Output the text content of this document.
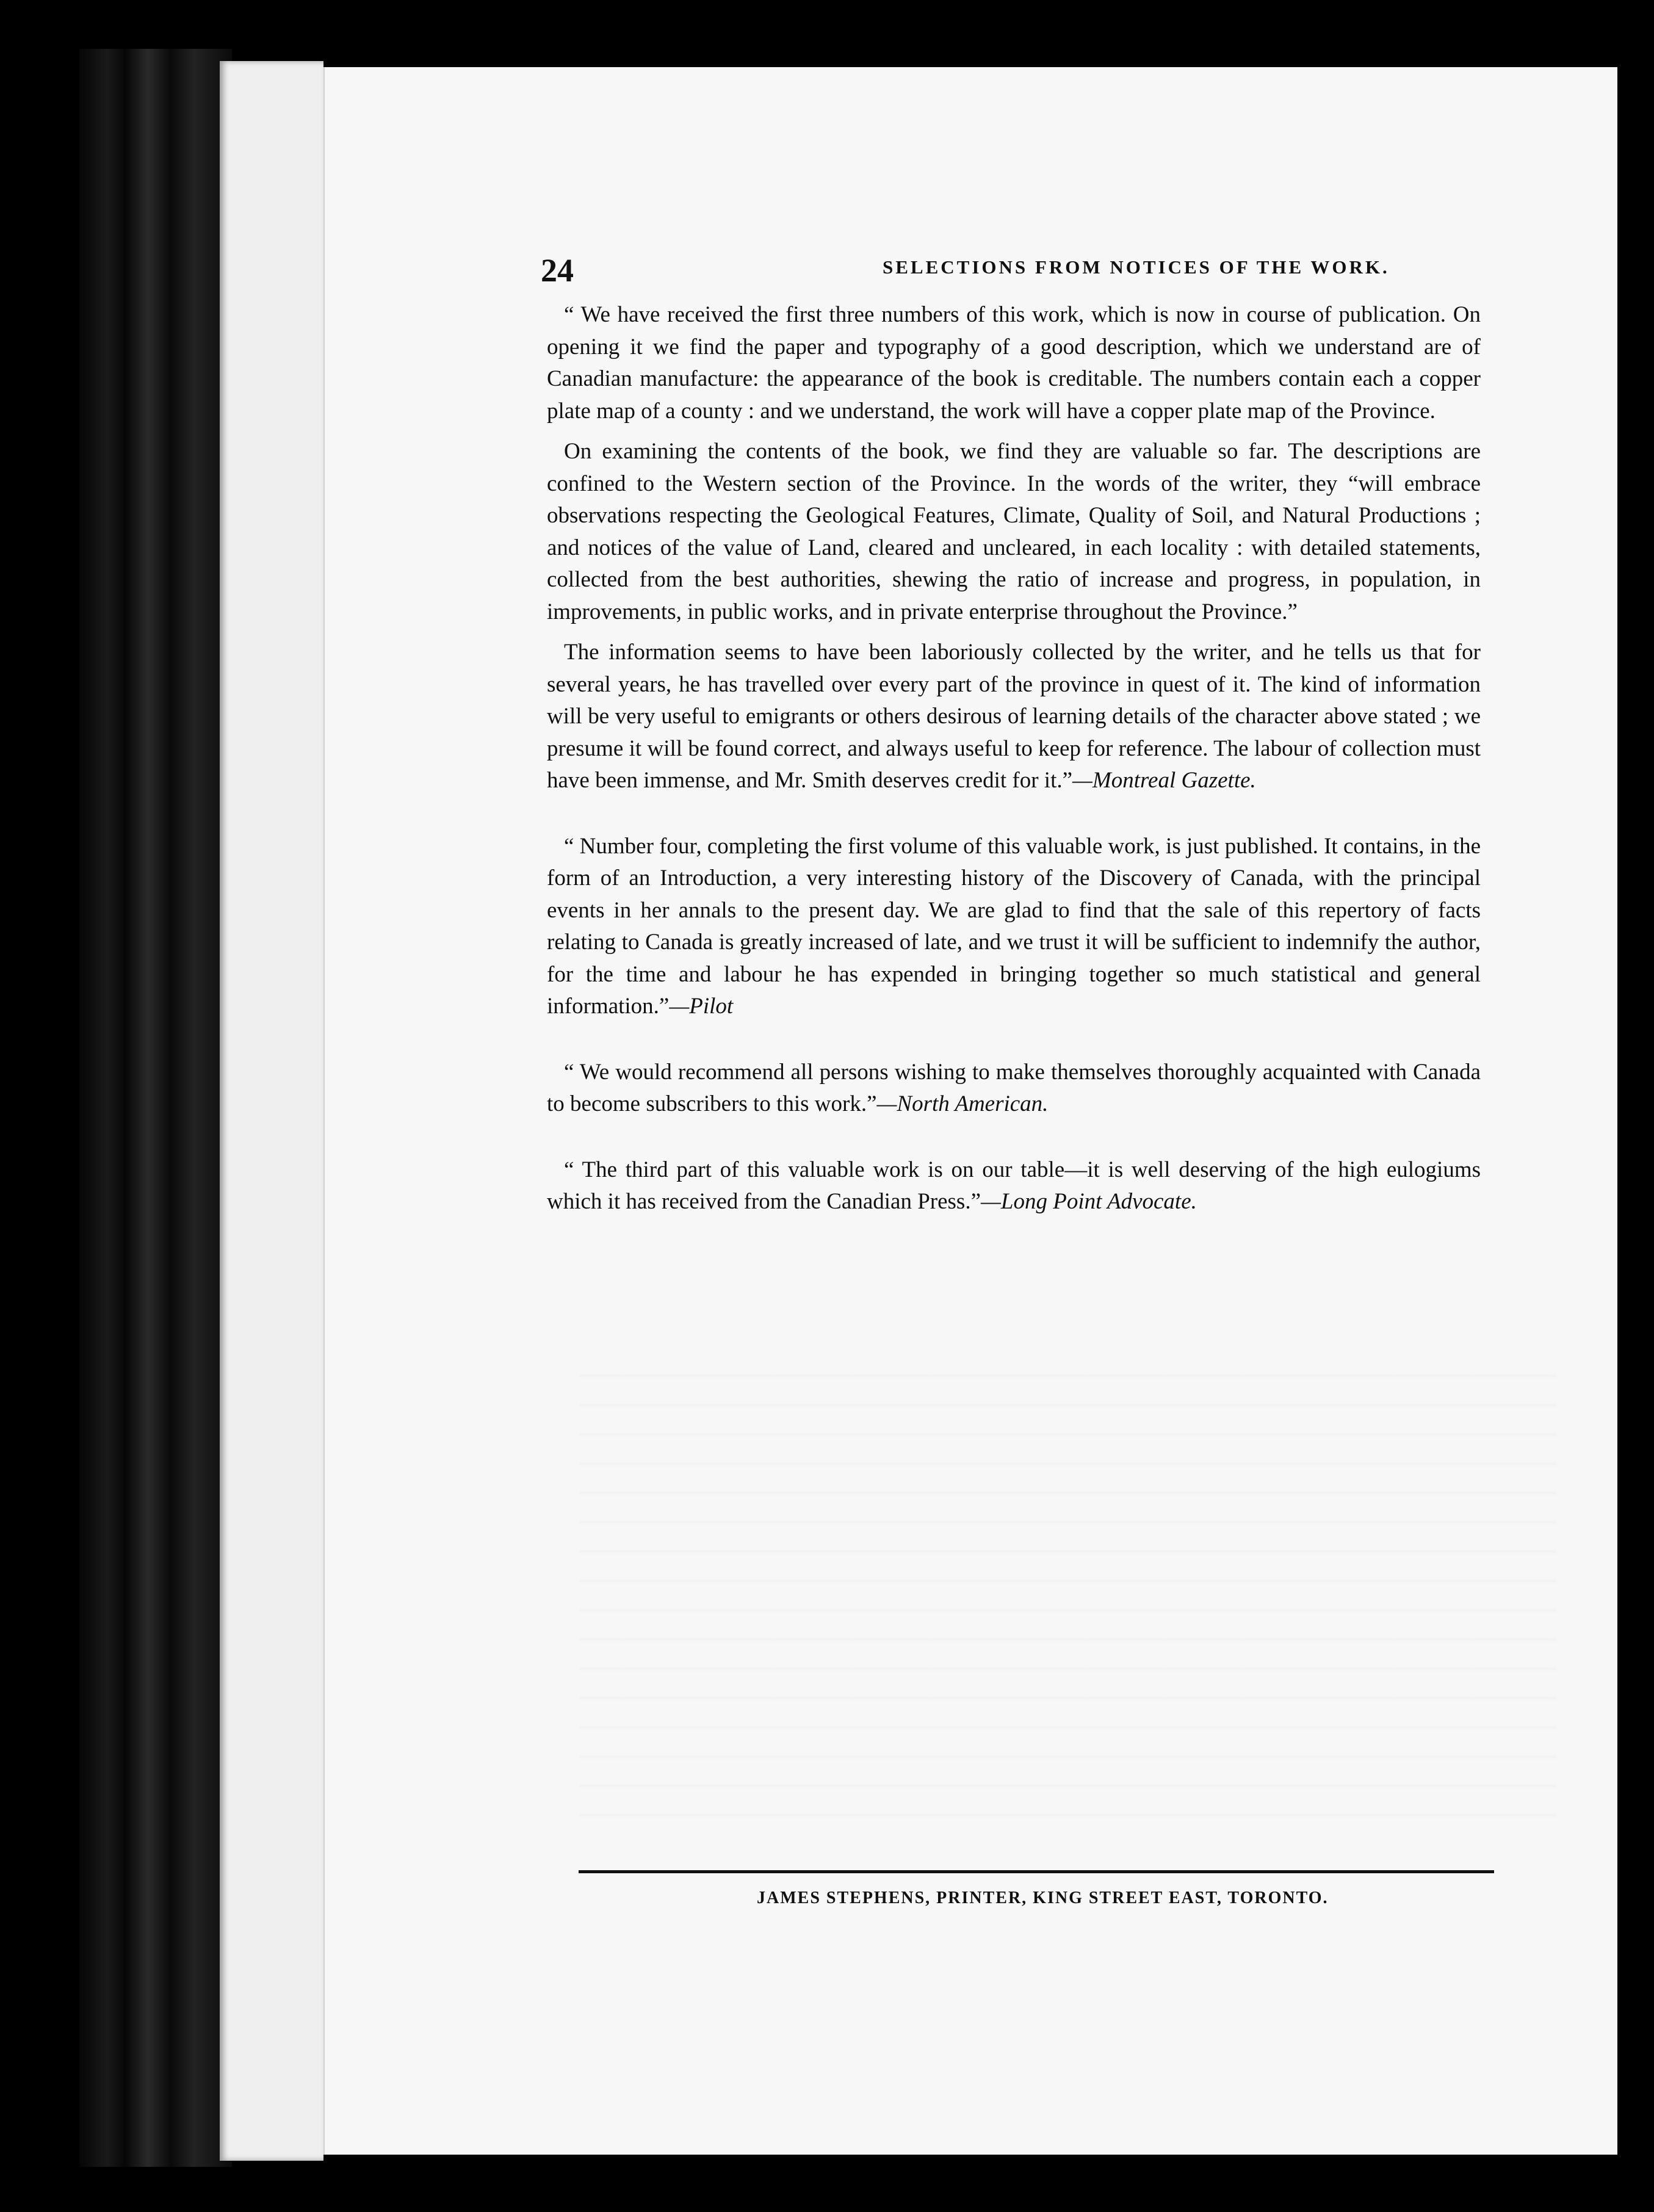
24	SELECTIONS FROM NOTICES OF THE WORK.

“ We have received the first three numbers of this work, which is now in course of publication. On opening it we find the paper and typography of a good description, which we understand are of Canadian manufacture: the appearance of the book is creditable. The numbers contain each a copper plate map of a county : and we understand, the work will have a copper plate map of the Province.

On examining the contents of the book, we find they are valuable so far. The descriptions are confined to the Western section of the Province. In the words of the writer, they “will embrace observations respecting the Geological Features, Climate, Quality of Soil, and Natural Productions ; and notices of the value of Land, cleared and uncleared, in each locality : with detailed statements, collected from the best authorities, shewing the ratio of increase and progress, in population, in improvements, in public works, and in private enterprise throughout the Province.”

The information seems to have been laboriously collected by the writer, and he tells us that for several years, he has travelled over every part of the province in quest of it. The kind of information will be very useful to emigrants or others desirous of learning details of the character above stated ; we presume it will be found correct, and always useful to keep for reference. The labour of collection must have been immense, and Mr. Smith deserves credit for it.”—Montreal Gazette.

“ Number four, completing the first volume of this valuable work, is just published. It contains, in the form of an Introduction, a very interesting history of the Discovery of Canada, with the principal events in her annals to the present day. We are glad to find that the sale of this repertory of facts relating to Canada is greatly increased of late, and we trust it will be sufficient to indemnify the author, for the time and labour he has expended in bringing together so much statistical and general information.”—Pilot

“ We would recommend all persons wishing to make themselves thoroughly acquainted with Canada to become subscribers to this work.”—North American.

“ The third part of this valuable work is on our table—it is well deserving of the high eulogiums which it has received from the Canadian Press.”—Long Point Advocate.

JAMES STEPHENS, PRINTER, KING STREET EAST, TORONTO.
